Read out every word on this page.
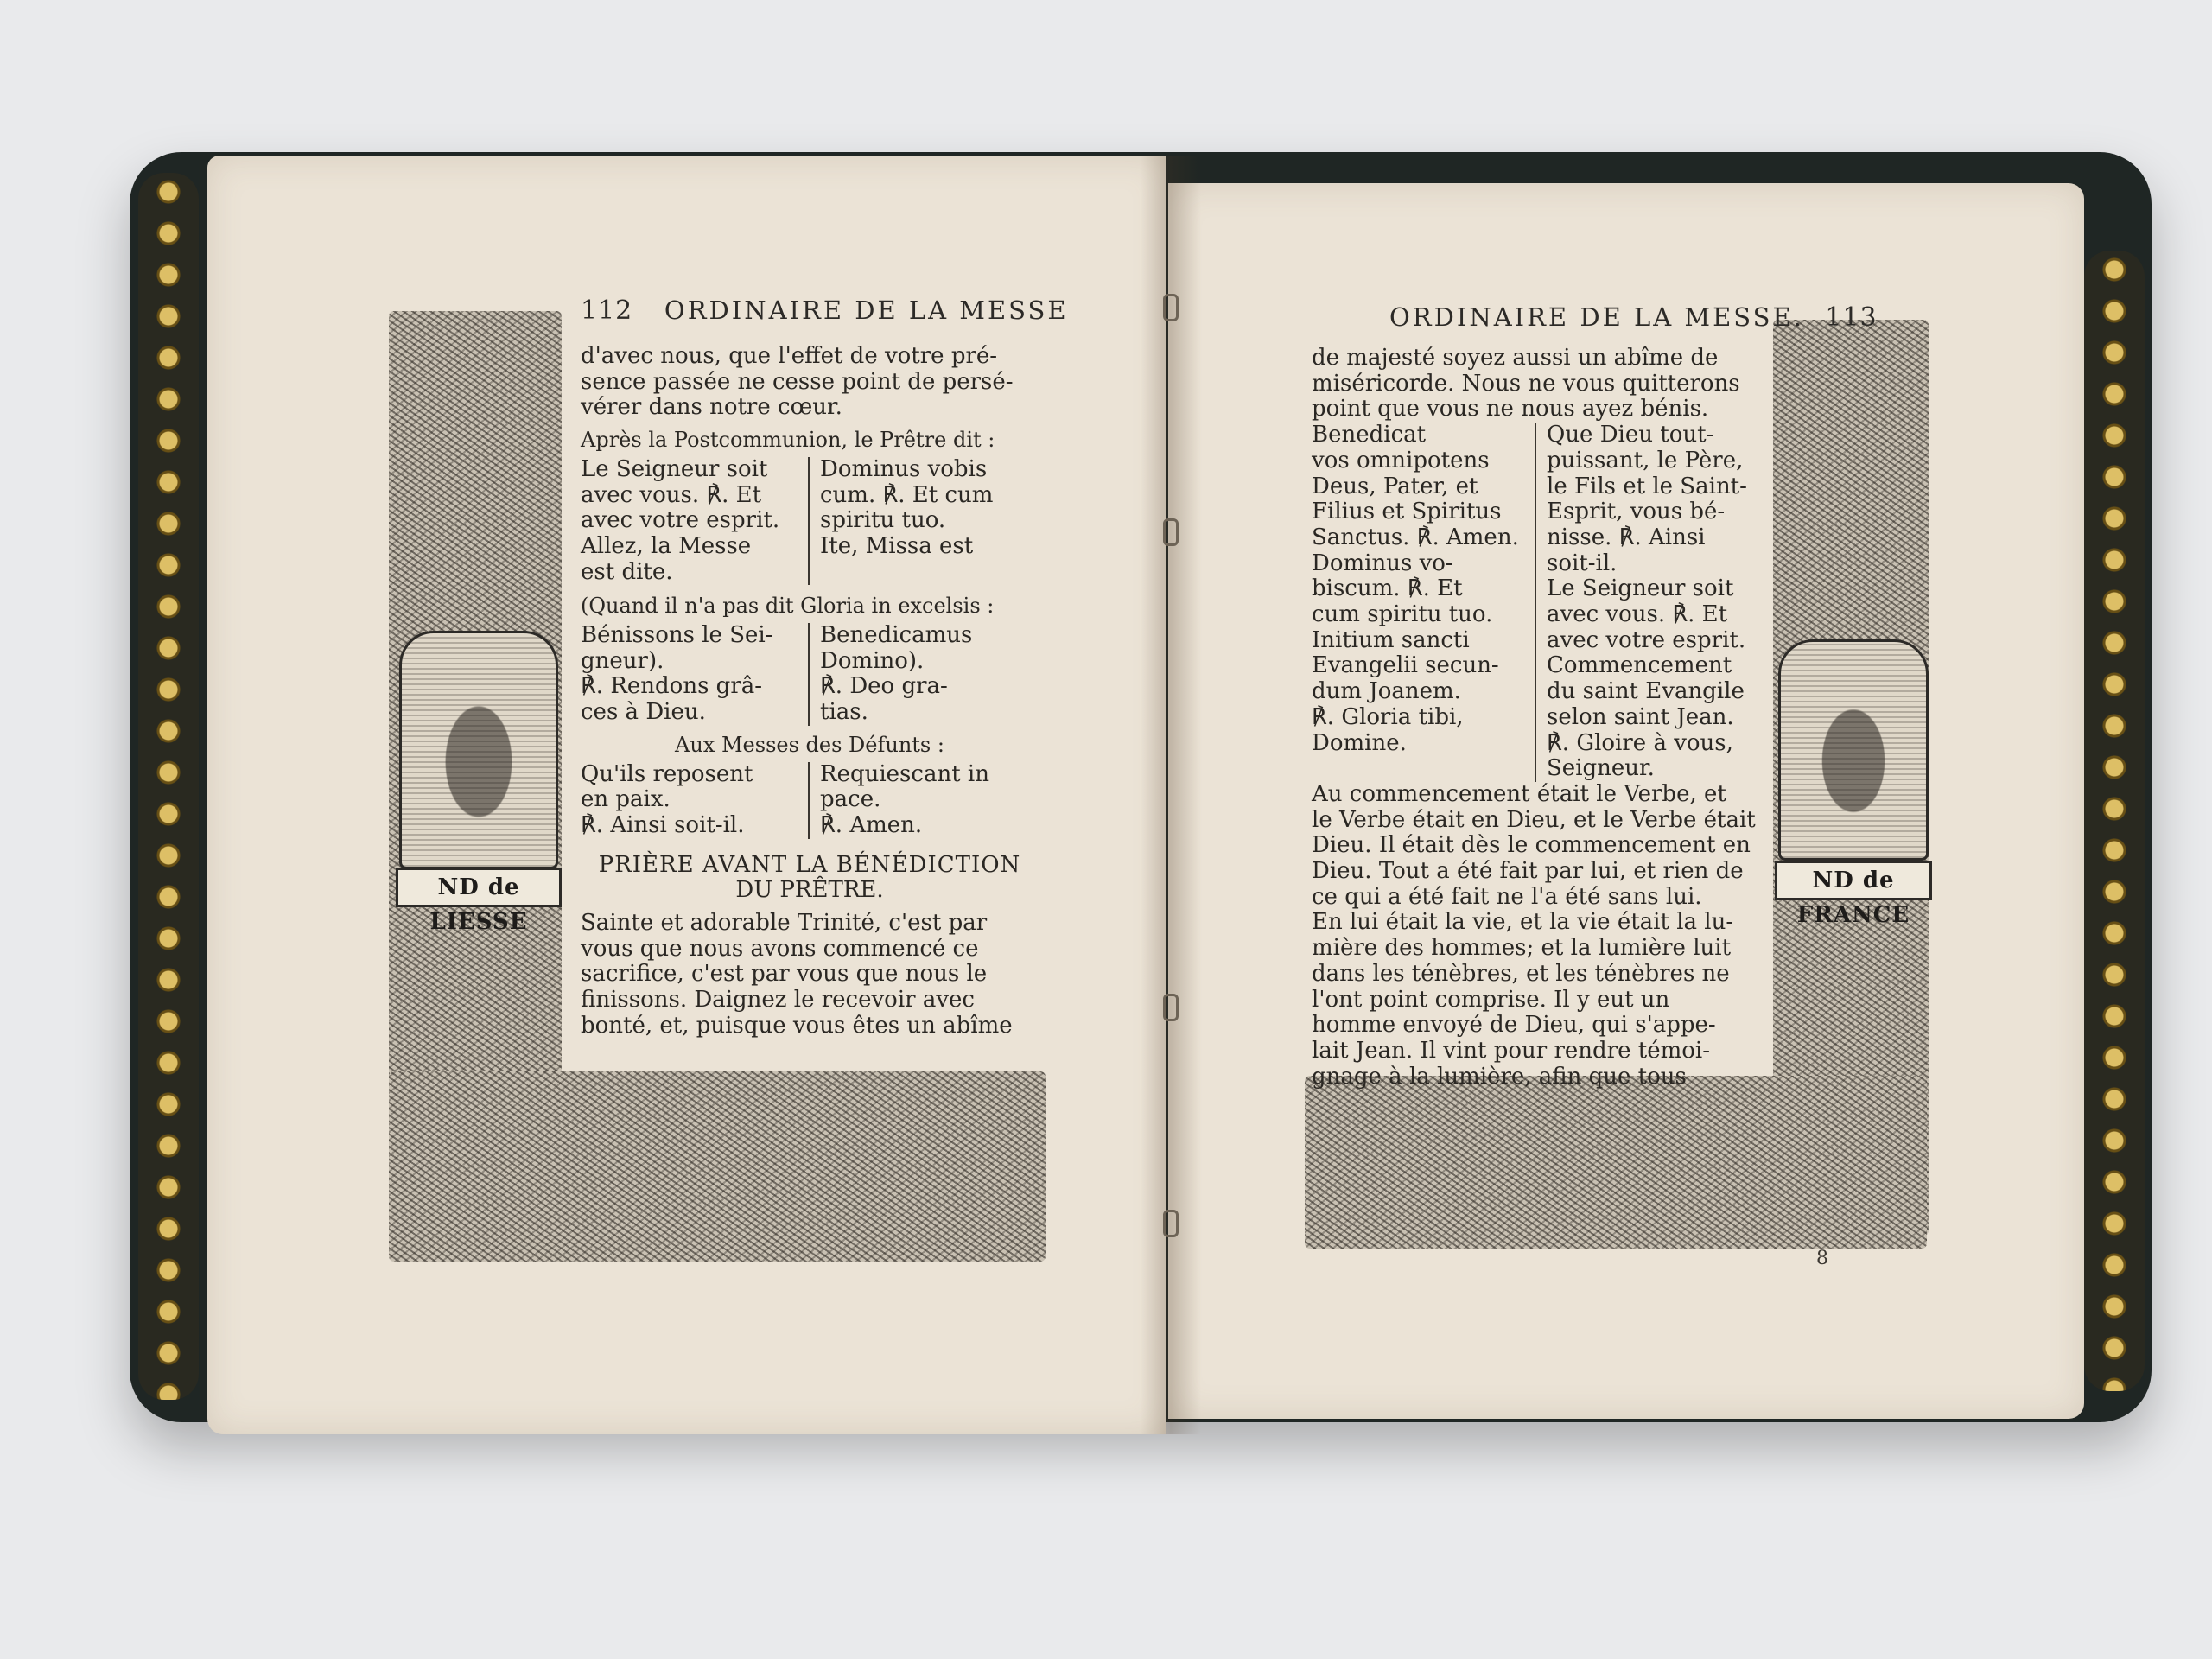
ND de LIESSE
112 ORDINAIRE DE LA MESSE

d'avec nous, que l'effet de votre pré-

sence passée ne cesse point de persé-

vérer dans notre cœur.

Après la Postcommunion, le Prêtre dit :

Le Seigneur soit

avec vous. ℟. Et

avec votre esprit.

Allez, la Messe

est dite.

Dominus vobis

cum. ℟. Et cum

spiritu tuo.

Ite, Missa est

(Quand il n'a pas dit Gloria in excelsis :

Bénissons le Sei-

gneur).

℟. Rendons grâ-

ces à Dieu.

Benedicamus

Domino).

℟. Deo gra-

tias.

Aux Messes des Défunts :

Qu'ils reposent

en paix.

℟. Ainsi soit-il.

Requiescant in

pace.

℟. Amen.

PRIÈRE AVANT LA BÉNÉDICTION

DU PRÊTRE.

Sainte et adorable Trinité, c'est par

vous que nous avons commencé ce

sacrifice, c'est par vous que nous le

finissons. Daignez le recevoir avec

bonté, et, puisque vous êtes un abîme

ND de FRANCE
ORDINAIRE DE LA MESSE. 113

de majesté soyez aussi un abîme de

miséricorde. Nous ne vous quitterons

point que vous ne nous ayez bénis.

Benedicat

vos omnipotens

Deus, Pater, et

Filius et Spiritus

Sanctus. ℟. Amen.

Dominus vo-

biscum. ℟. Et

cum spiritu tuo.

Initium sancti

Evangelii secun-

dum Joanem.

℟. Gloria tibi,

Domine.

Que Dieu tout-

puissant, le Père,

le Fils et le Saint-

Esprit, vous bé-

nisse. ℟. Ainsi soit-il.

Le Seigneur soit

avec vous. ℟. Et

avec votre esprit.

Commencement

du saint Evangile

selon saint Jean.

℟. Gloire à vous,

Seigneur.

Au commencement était le Verbe, et

le Verbe était en Dieu, et le Verbe était

Dieu. Il était dès le commencement en

Dieu. Tout a été fait par lui, et rien de

ce qui a été fait ne l'a été sans lui.

En lui était la vie, et la vie était la lu-

mière des hommes; et la lumière luit

dans les ténèbres, et les ténèbres ne

l'ont point comprise. Il y eut un

homme envoyé de Dieu, qui s'appe-

lait Jean. Il vint pour rendre témoi-

gnage à la lumière, afin que tous

8
